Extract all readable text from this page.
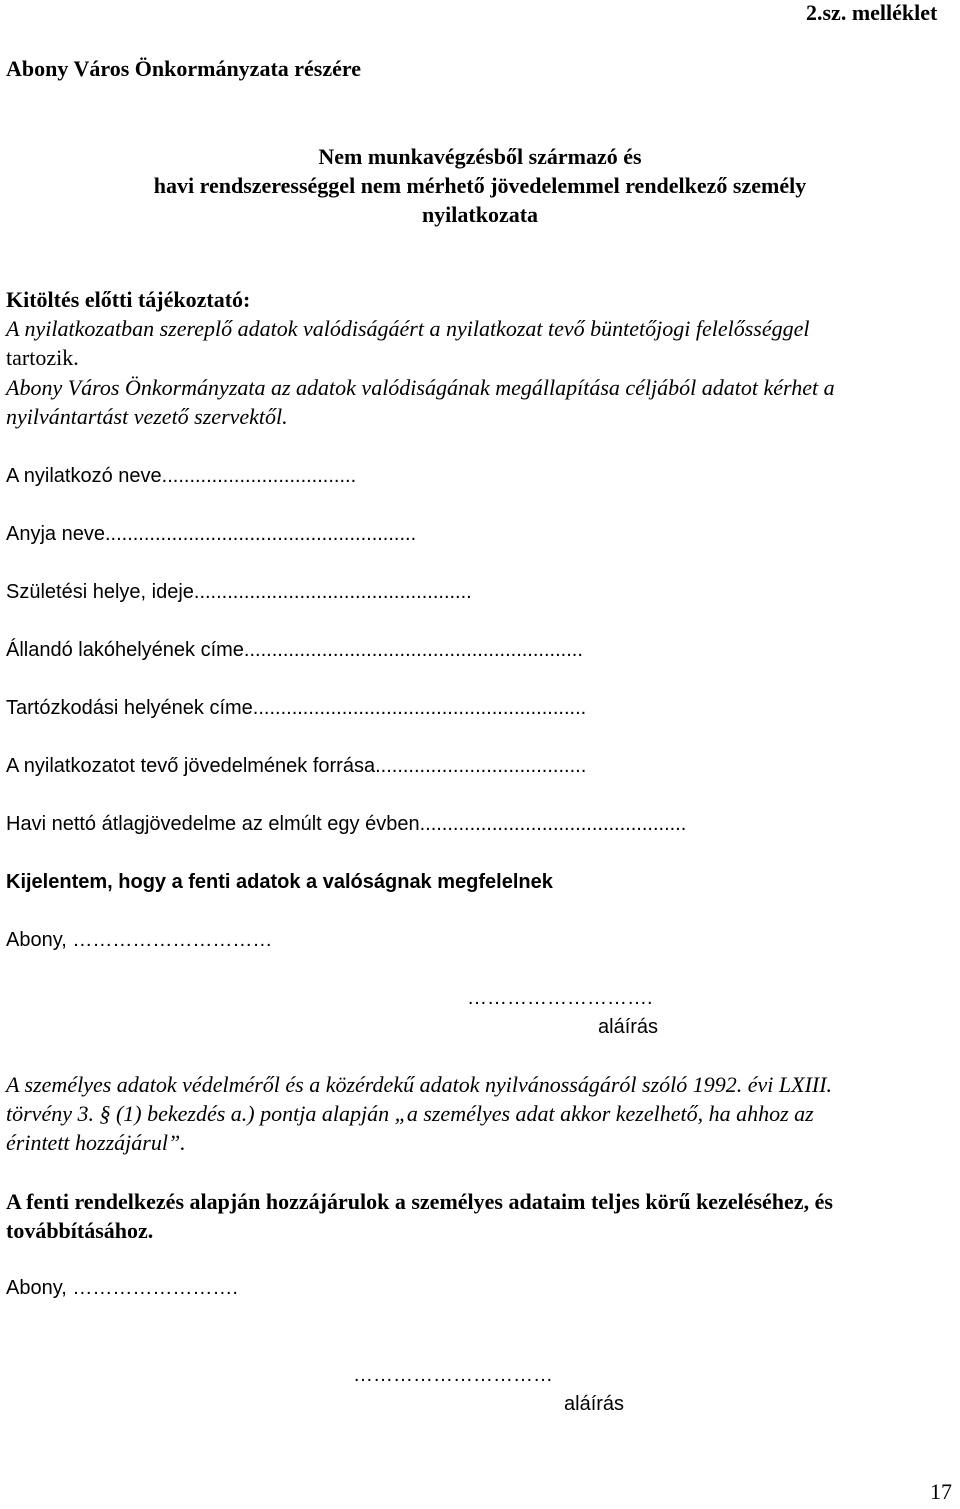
2.sz. melléklet
Abony Város Önkormányzata részére
Nem munkavégzésből származó és
havi rendszerességgel nem mérhető jövedelemmel rendelkező személy
nyilatkozata
Kitöltés előtti tájékoztató:
A nyilatkozatban szereplő adatok valódiságáért a nyilatkozat tevő büntetőjogi felelősséggel
tartozik.
Abony Város Önkormányzata az adatok valódiságának megállapítása céljából adatot kérhet a
nyilvántartást vezető szervektől.
A nyilatkozó neve...................................
Anyja neve........................................................
Születési helye, ideje..................................................
Állandó lakóhelyének címe.............................................................
Tartózkodási helyének címe............................................................
A nyilatkozatot tevő jövedelmének forrása......................................
Havi nettó átlagjövedelme az elmúlt egy évben................................................
Kijelentem, hogy a fenti adatok a valóságnak megfelelnek
Abony, …………………………
……………………….
aláírás
A személyes adatok védelméről és a közérdekű adatok nyilvánosságáról szóló 1992. évi LXIII.
törvény 3. § (1) bekezdés a.) pontja alapján „a személyes adat akkor kezelhető, ha ahhoz az
érintett hozzájárul”.
A fenti rendelkezés alapján hozzájárulok a személyes adataim teljes körű kezeléséhez, és
továbbításához.
Abony, …………………….
…………………………
aláírás
17
